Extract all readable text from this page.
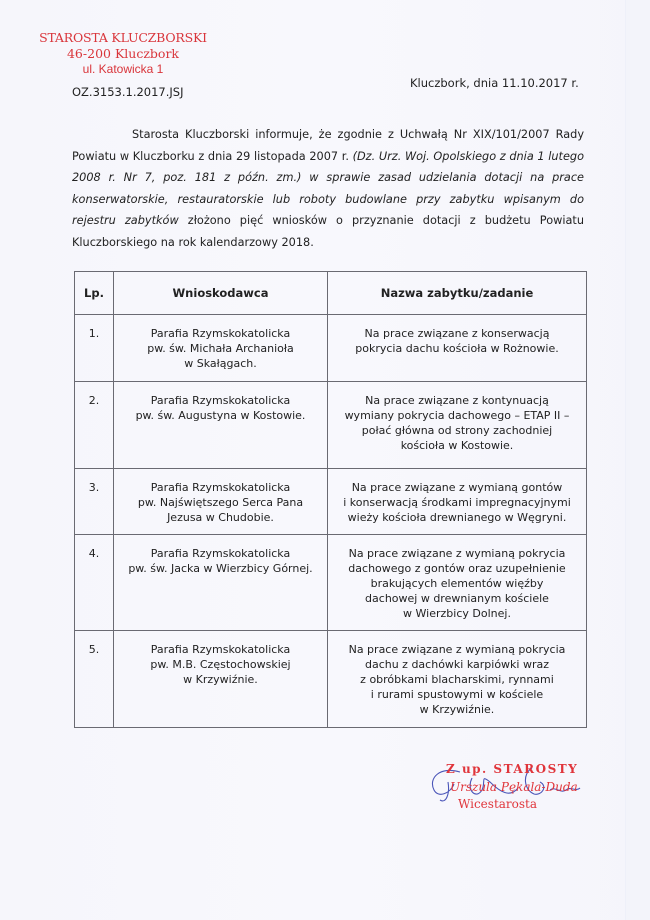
STAROSTA KLUCZBORSKI
46-200 Kluczbork
ul. Katowicka 1
OZ.3153.1.2017.JSJ
Kluczbork, dnia 11.10.2017 r.
Starosta Kluczborski informuje, że zgodnie z Uchwałą Nr XIX/101/2007 Rady Powiatu w Kluczborku z dnia 29 listopada 2007 r. (Dz. Urz. Woj. Opolskiego z dnia 1 lutego 2008 r. Nr 7, poz. 181 z późn. zm.) w sprawie zasad udzielania dotacji na prace konserwatorskie, restauratorskie lub roboty budowlane przy zabytku wpisanym do rejestru zabytków złożono pięć wniosków o przyznanie dotacji z budżetu Powiatu Kluczborskiego na rok kalendarzowy 2018.
Lp.	Wnioskodawca	Nazwa zabytku/zadanie
1.	Parafia Rzymskokatolicka
pw. św. Michała Archanioła
w Skałągach.	Na prace związane z konserwacją
pokrycia dachu kościoła w Rożnowie.

2.	Parafia Rzymskokatolicka
pw. św. Augustyna w Kostowie.	Na prace związane z kontynuacją
wymiany pokrycia dachowego – ETAP II –
połać główna od strony zachodniej
kościoła w Kostowie.

3.	Parafia Rzymskokatolicka
pw. Najświętszego Serca Pana
Jezusa w Chudobie.	Na prace związane z wymianą gontów
i konserwacją środkami impregnacyjnymi
wieży kościoła drewnianego w Węgryni.

4.	Parafia Rzymskokatolicka
pw. św. Jacka w Wierzbicy Górnej.	Na prace związane z wymianą pokrycia
dachowego z gontów oraz uzupełnienie
brakujących elementów więźby
dachowej w drewnianym kościele
w Wierzbicy Dolnej.

5.	Parafia Rzymskokatolicka
pw. M.B. Częstochowskiej
w Krzywiźnie.	Na prace związane z wymianą pokrycia
dachu z dachówki karpiówki wraz
z obróbkami blacharskimi, rynnami
i rurami spustowymi w kościele
w Krzywiźnie.
Z up. STAROSTY
Urszula Pękala-Duda
Wicestarosta
